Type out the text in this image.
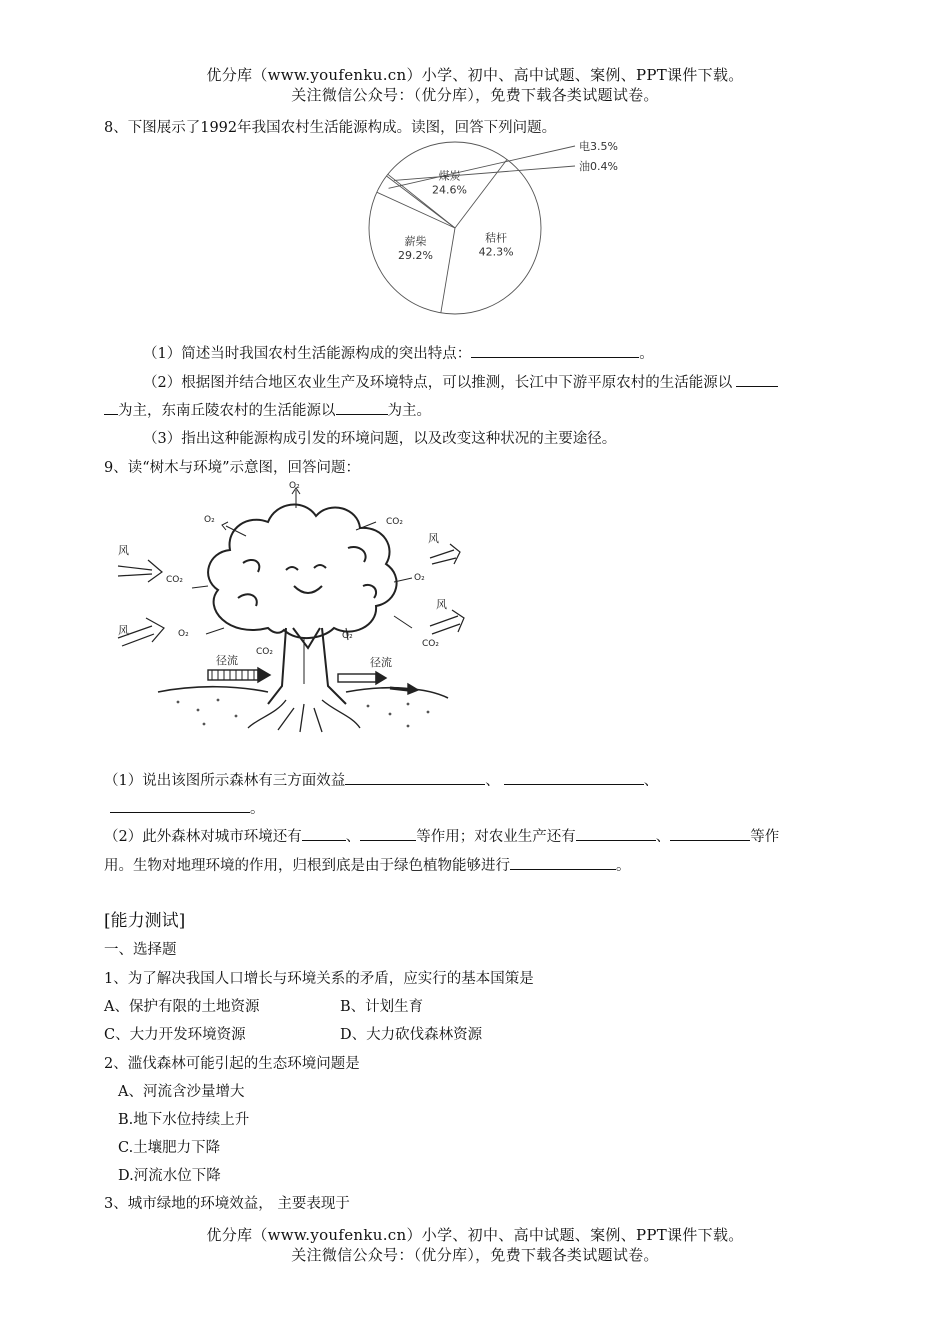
优分库（www.youfenku.cn）小学、初中、高中试题、案例、PPT课件下载。
关注微信公众号：（优分库），免费下载各类试题试卷。
8、下图展示了1992年我国农村生活能源构成。读图，回答下列问题。
煤炭
24.6%
秸杆
42.3%
薪柴
29.2%
电3.5%
油0.4%
（1）简述当时我国农村生活能源构成的突出特点：	。
（2）根据图并结合地区农业生产及环境特点，可以推测，长江中下游平原农村的生活能源以
为主，东南丘陵农村的生活能源以	为主。
（3）指出这种能源构成引发的环境问题，以及改变这种状况的主要途径。
9、读“树木与环境”示意图，回答问题：
O₂
O₂	CO₂
CO₂	O₂
O₂
CO₂
O₂
CO₂
风
风
风
风
径流	径流
（1）说出该图所示森林有三方面效益	、	、
。
（2）此外森林对城市环境还有	、	等作用；对农业生产还有	、	等作
用。生物对地理环境的作用，归根到底是由于绿色植物能够进行	。
[能力测试]
一、选择题
1、为了解决我国人口增长与环境关系的矛盾，应实行的基本国策是
A、保护有限的土地资源	B、计划生育
C、大力开发环境资源	D、大力砍伐森林资源
2、滥伐森林可能引起的生态环境问题是
A、河流含沙量增大
B.地下水位持续上升
C.土壤肥力下降
D.河流水位下降
3、城市绿地的环境效益， 主要表现于
优分库（www.youfenku.cn）小学、初中、高中试题、案例、PPT课件下载。
关注微信公众号：（优分库），免费下载各类试题试卷。
